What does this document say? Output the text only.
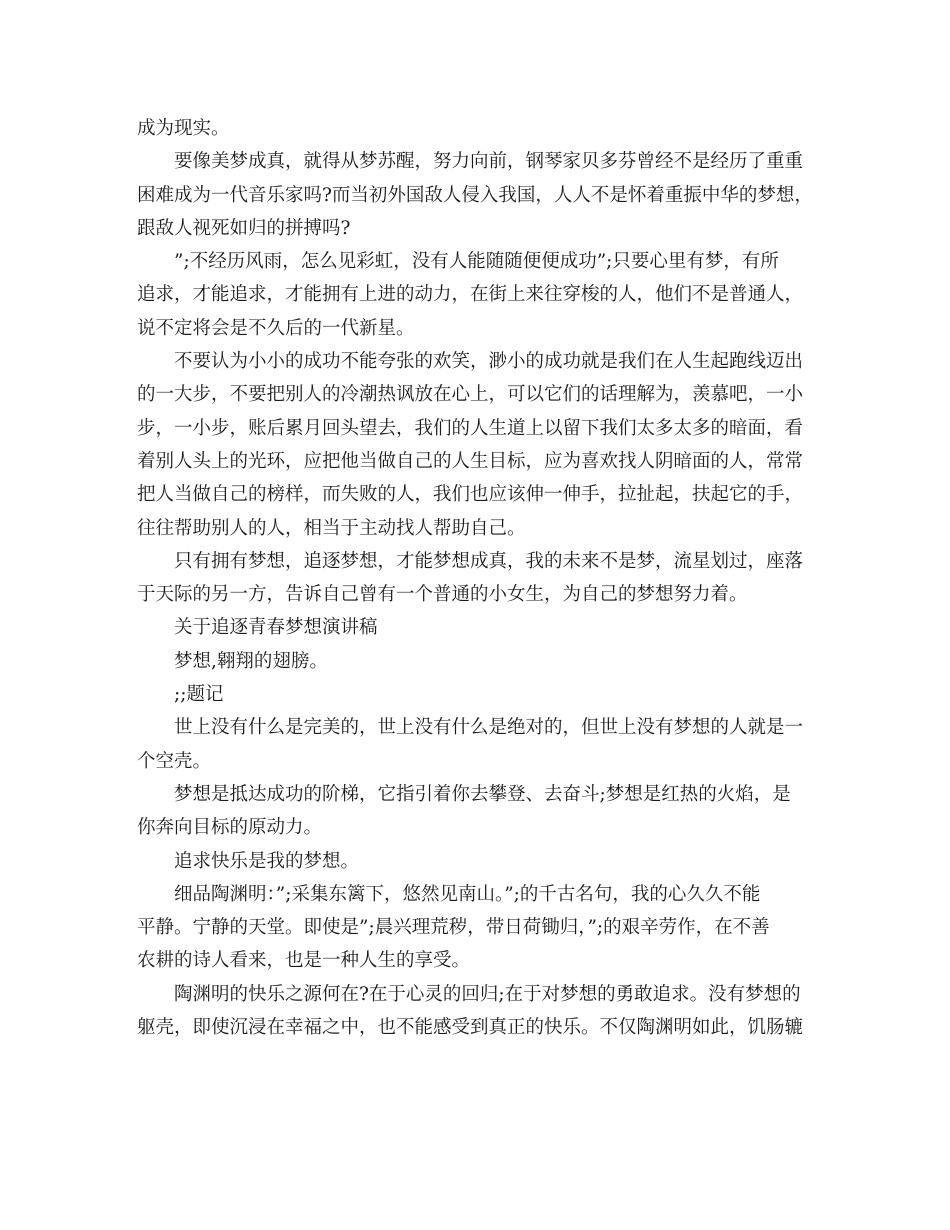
成为现实。
要像美梦成真，就得从梦苏醒，努力向前，钢琴家贝多芬曾经不是经历了重重
困难成为一代音乐家吗?而当初外国敌人侵入我国，人人不是怀着重振中华的梦想，
跟敌人视死如归的拼搏吗?
”;不经历风雨，怎么见彩虹，没有人能随随便便成功”;只要心里有梦，有所
追求，才能追求，才能拥有上进的动力，在街上来往穿梭的人，他们不是普通人，
说不定将会是不久后的一代新星。
不要认为小小的成功不能夸张的欢笑，渺小的成功就是我们在人生起跑线迈出
的一大步，不要把别人的冷潮热讽放在心上，可以它们的话理解为，羡慕吧，一小
步，一小步，账后累月回头望去，我们的人生道上以留下我们太多太多的暗面，看
着别人头上的光环，应把他当做自己的人生目标，应为喜欢找人阴暗面的人，常常
把人当做自己的榜样，而失败的人，我们也应该伸一伸手，拉扯起，扶起它的手，
往往帮助别人的人，相当于主动找人帮助自己。
只有拥有梦想，追逐梦想，才能梦想成真，我的未来不是梦，流星划过，座落
于天际的另一方，告诉自己曾有一个普通的小女生，为自己的梦想努力着。
关于追逐青春梦想演讲稿
梦想,翱翔的翅膀。
;;题记
世上没有什么是完美的，世上没有什么是绝对的，但世上没有梦想的人就是一
个空壳。
梦想是抵达成功的阶梯，它指引着你去攀登、去奋斗;梦想是红热的火焰，是
你奔向目标的原动力。
追求快乐是我的梦想。
细品陶渊明：”;采集东篱下，悠然见南山。”;的千古名句，我的心久久不能
平静。宁静的天堂。即使是”;晨兴理荒秽，带日荷锄归，”;的艰辛劳作，在不善
农耕的诗人看来，也是一种人生的享受。
陶渊明的快乐之源何在?在于心灵的回归;在于对梦想的勇敢追求。没有梦想的
躯壳，即使沉浸在幸福之中，也不能感受到真正的快乐。不仅陶渊明如此，饥肠辘
